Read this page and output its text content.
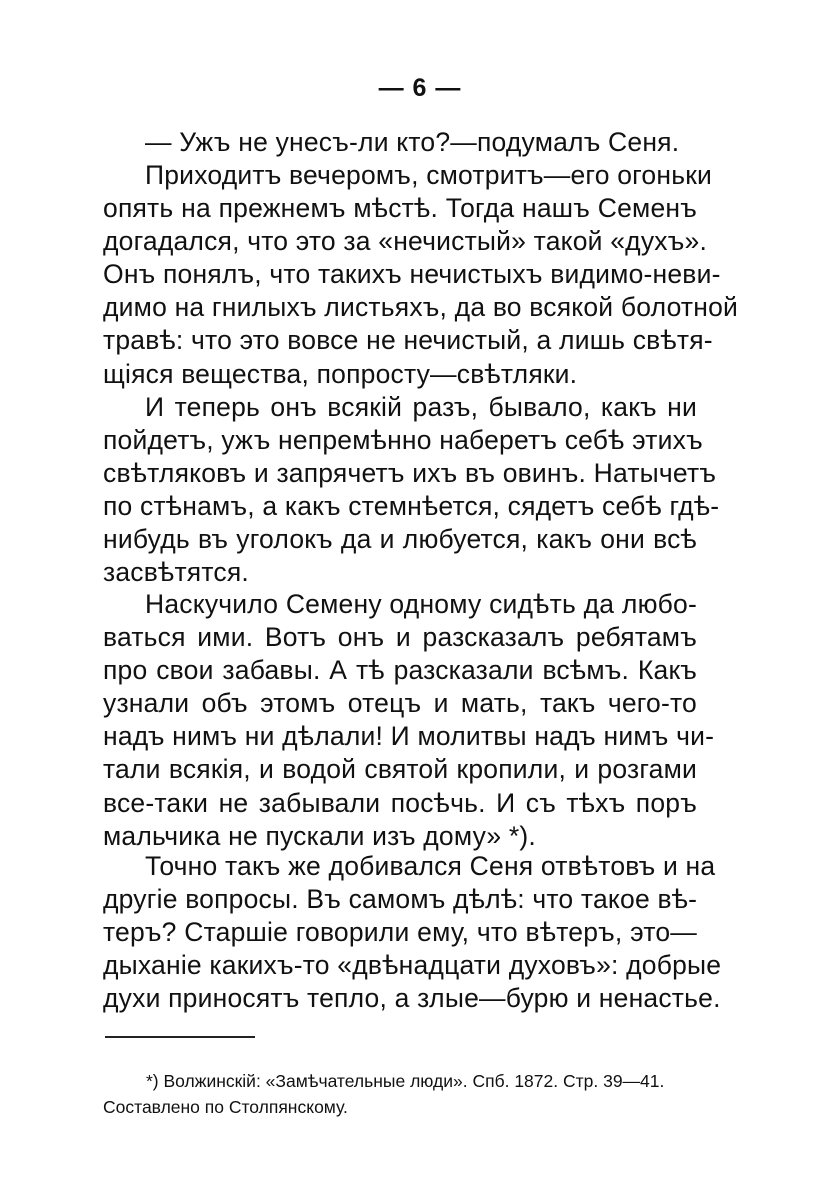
— 6 —
— Ужъ не унесъ-ли кто?—подумалъ Сеня.
Приходитъ вечеромъ, смотритъ—его огоньки
опять на прежнемъ мѣстѣ. Тогда нашъ Семенъ
догадался, что это за «нечистый» такой «духъ».
Онъ понялъ, что такихъ нечистыхъ видимо-неви-
димо на гнилыхъ листьяхъ, да во всякой болотной
травѣ: что это вовсе не нечистый, а лишь свѣтя-
щіяся вещества, попросту—свѣтляки.
И теперь онъ всякій разъ, бывало, какъ ни
пойдетъ, ужъ непремѣнно наберетъ себѣ этихъ
свѣтляковъ и запрячетъ ихъ въ овинъ. Натычетъ
по стѣнамъ, а какъ стемнѣется, сядетъ себѣ гдѣ-
нибудь въ уголокъ да и любуется, какъ они всѣ
засвѣтятся.
Наскучило Семену одному сидѣть да любо-
ваться ими. Вотъ онъ и разсказалъ ребятамъ
про свои забавы. А тѣ разсказали всѣмъ. Какъ
узнали объ этомъ отецъ и мать, такъ чего-то
надъ нимъ ни дѣлали! И молитвы надъ нимъ чи-
тали всякія, и водой святой кропили, и розгами
все-таки не забывали посѣчь. И съ тѣхъ поръ
мальчика не пускали изъ дому» *).
Точно такъ же добивался Сеня отвѣтовъ и на
другіе вопросы. Въ самомъ дѣлѣ: что такое вѣ-
теръ? Старшіе говорили ему, что вѣтеръ, это—
дыханіе какихъ-то «двѣнадцати духовъ»: добрые
духи приносятъ тепло, а злые—бурю и ненастье.
*) Волжинскій: «Замѣчательные люди». Спб. 1872. Стр. 39—41.
Составлено по Столпянскому.
